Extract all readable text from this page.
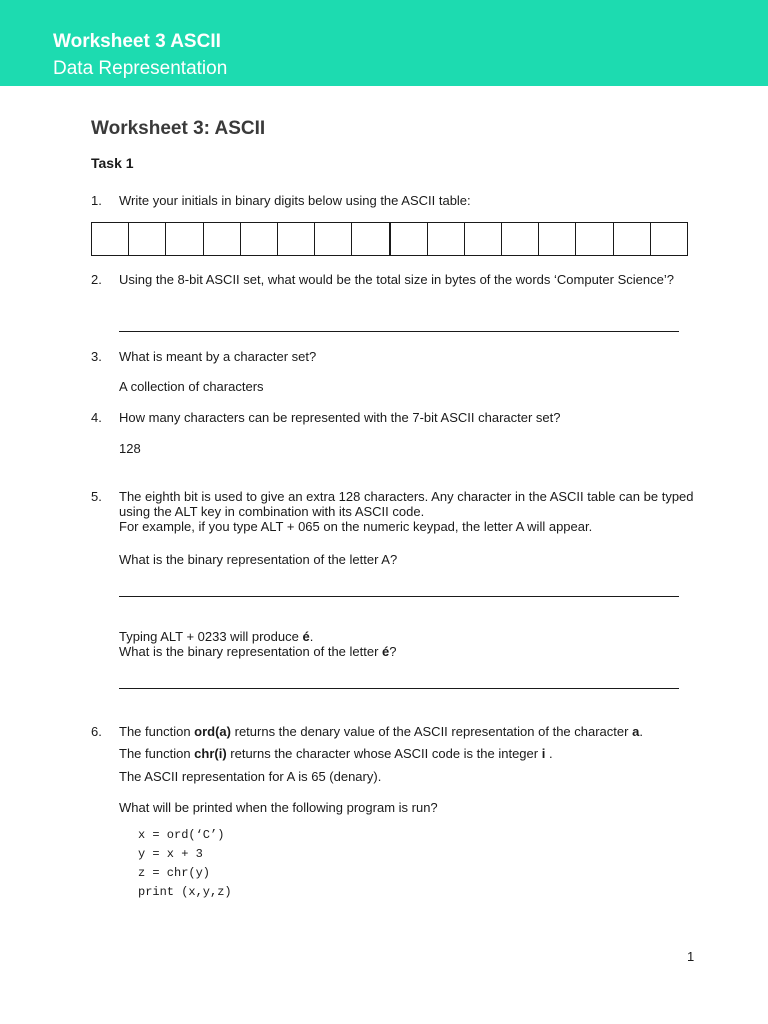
Worksheet 3 ASCII
Data Representation
Worksheet 3: ASCII
Task 1
1. Write your initials in binary digits below using the ASCII table:
2. Using the 8-bit ASCII set, what would be the total size in bytes of the words ‘Computer Science’?
3. What is meant by a character set?
A collection of characters
4. How many characters can be represented with the 7-bit ASCII character set?
128
5. The eighth bit is used to give an extra 128 characters. Any character in the ASCII table can be typed using the ALT key in combination with its ASCII code.
For example, if you type ALT + 065 on the numeric keypad, the letter A will appear.
What is the binary representation of the letter A?
Typing ALT + 0233 will produce é.
What is the binary representation of the letter é?
6. The function ord(a) returns the denary value of the ASCII representation of the character a.
The function chr(i) returns the character whose ASCII code is the integer i .
The ASCII representation for A is 65 (denary).
What will be printed when the following program is run?
x = ord(‘C’)
y = x + 3
z = chr(y)
print (x,y,z)
1
